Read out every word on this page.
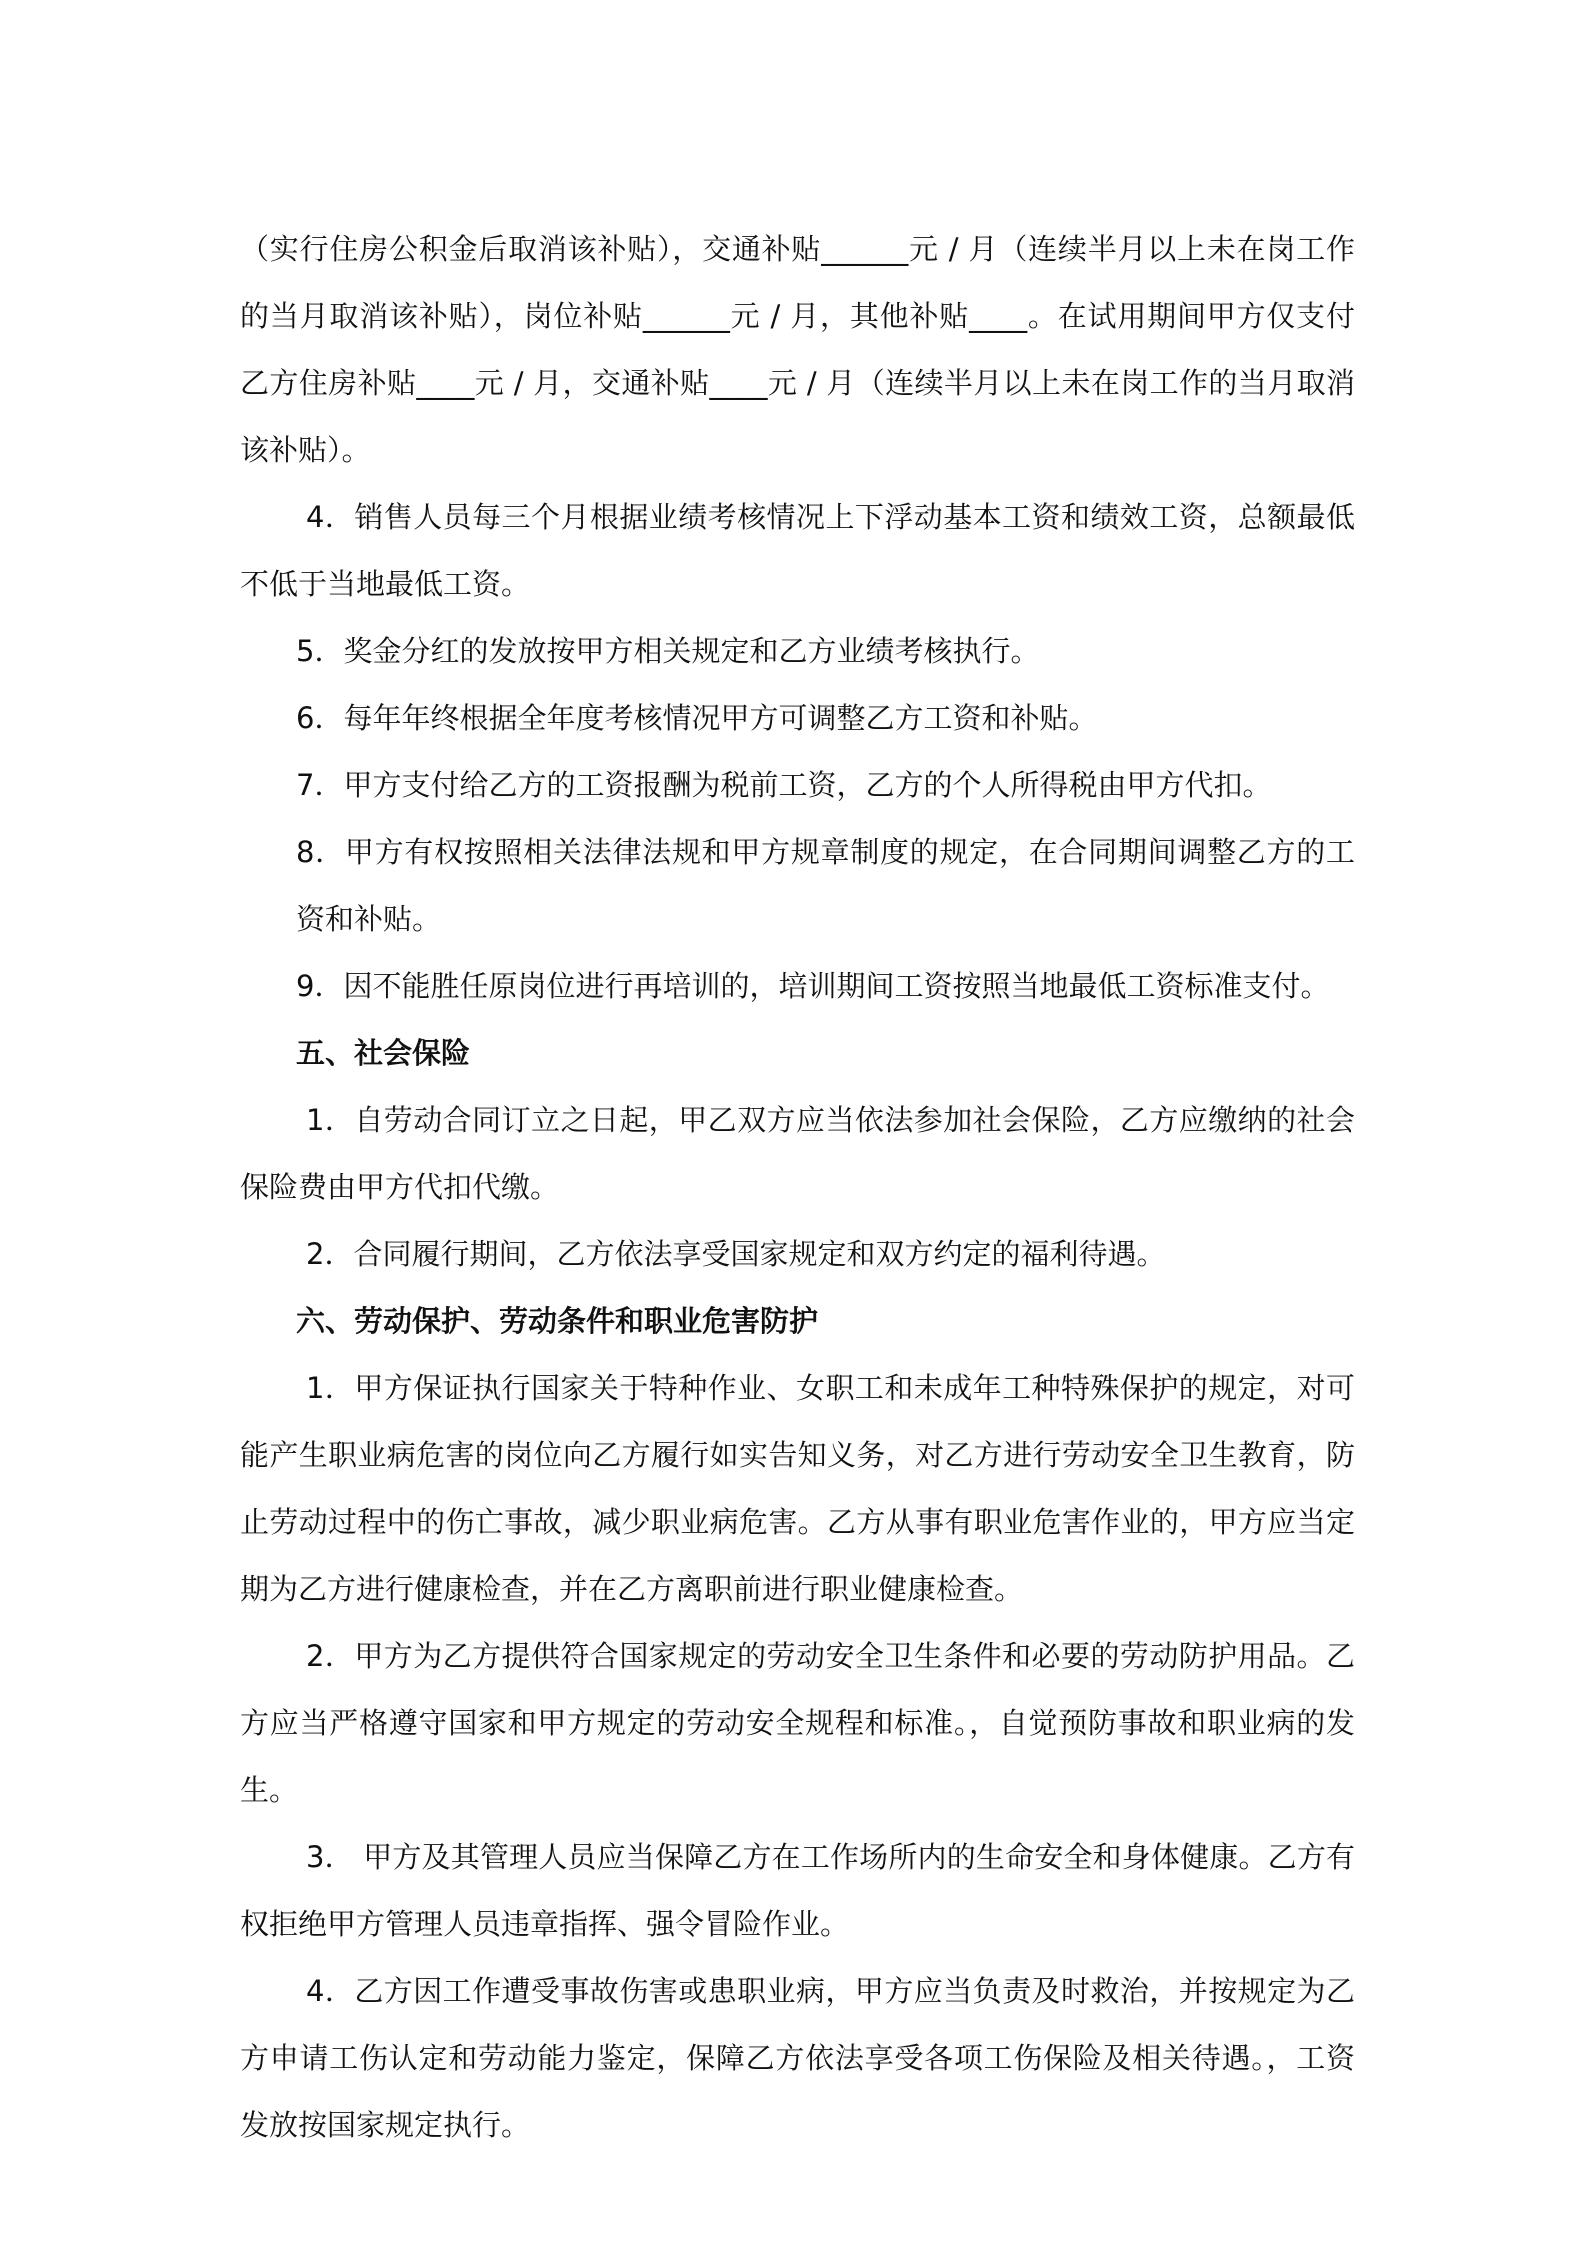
（实行住房公积金后取消该补贴），交通补贴______元 / 月（连续半月以上未在岗工作的当月取消该补贴），岗位补贴______元 / 月，其他补贴____。在试用期间甲方仅支付乙方住房补贴____元 / 月，交通补贴____元 / 月（连续半月以上未在岗工作的当月取消该补贴）。

4．销售人员每三个月根据业绩考核情况上下浮动基本工资和绩效工资，总额最低不低于当地最低工资。

5．奖金分红的发放按甲方相关规定和乙方业绩考核执行。

6．每年年终根据全年度考核情况甲方可调整乙方工资和补贴。

7．甲方支付给乙方的工资报酬为税前工资，乙方的个人所得税由甲方代扣。

8．甲方有权按照相关法律法规和甲方规章制度的规定，在合同期间调整乙方的工资和补贴。

9．因不能胜任原岗位进行再培训的，培训期间工资按照当地最低工资标准支付。

五、社会保险

1．自劳动合同订立之日起，甲乙双方应当依法参加社会保险，乙方应缴纳的社会保险费由甲方代扣代缴。

2．合同履行期间，乙方依法享受国家规定和双方约定的福利待遇。

六、劳动保护、劳动条件和职业危害防护

1．甲方保证执行国家关于特种作业、女职工和未成年工种特殊保护的规定，对可能产生职业病危害的岗位向乙方履行如实告知义务，对乙方进行劳动安全卫生教育，防止劳动过程中的伤亡事故，减少职业病危害。乙方从事有职业危害作业的，甲方应当定期为乙方进行健康检查，并在乙方离职前进行职业健康检查。

2．甲方为乙方提供符合国家规定的劳动安全卫生条件和必要的劳动防护用品。乙方应当严格遵守国家和甲方规定的劳动安全规程和标准。，自觉预防事故和职业病的发生。

3． 甲方及其管理人员应当保障乙方在工作场所内的生命安全和身体健康。乙方有权拒绝甲方管理人员违章指挥、强令冒险作业。

4．乙方因工作遭受事故伤害或患职业病，甲方应当负责及时救治，并按规定为乙方申请工伤认定和劳动能力鉴定，保障乙方依法享受各项工伤保险及相关待遇。，工资发放按国家规定执行。
